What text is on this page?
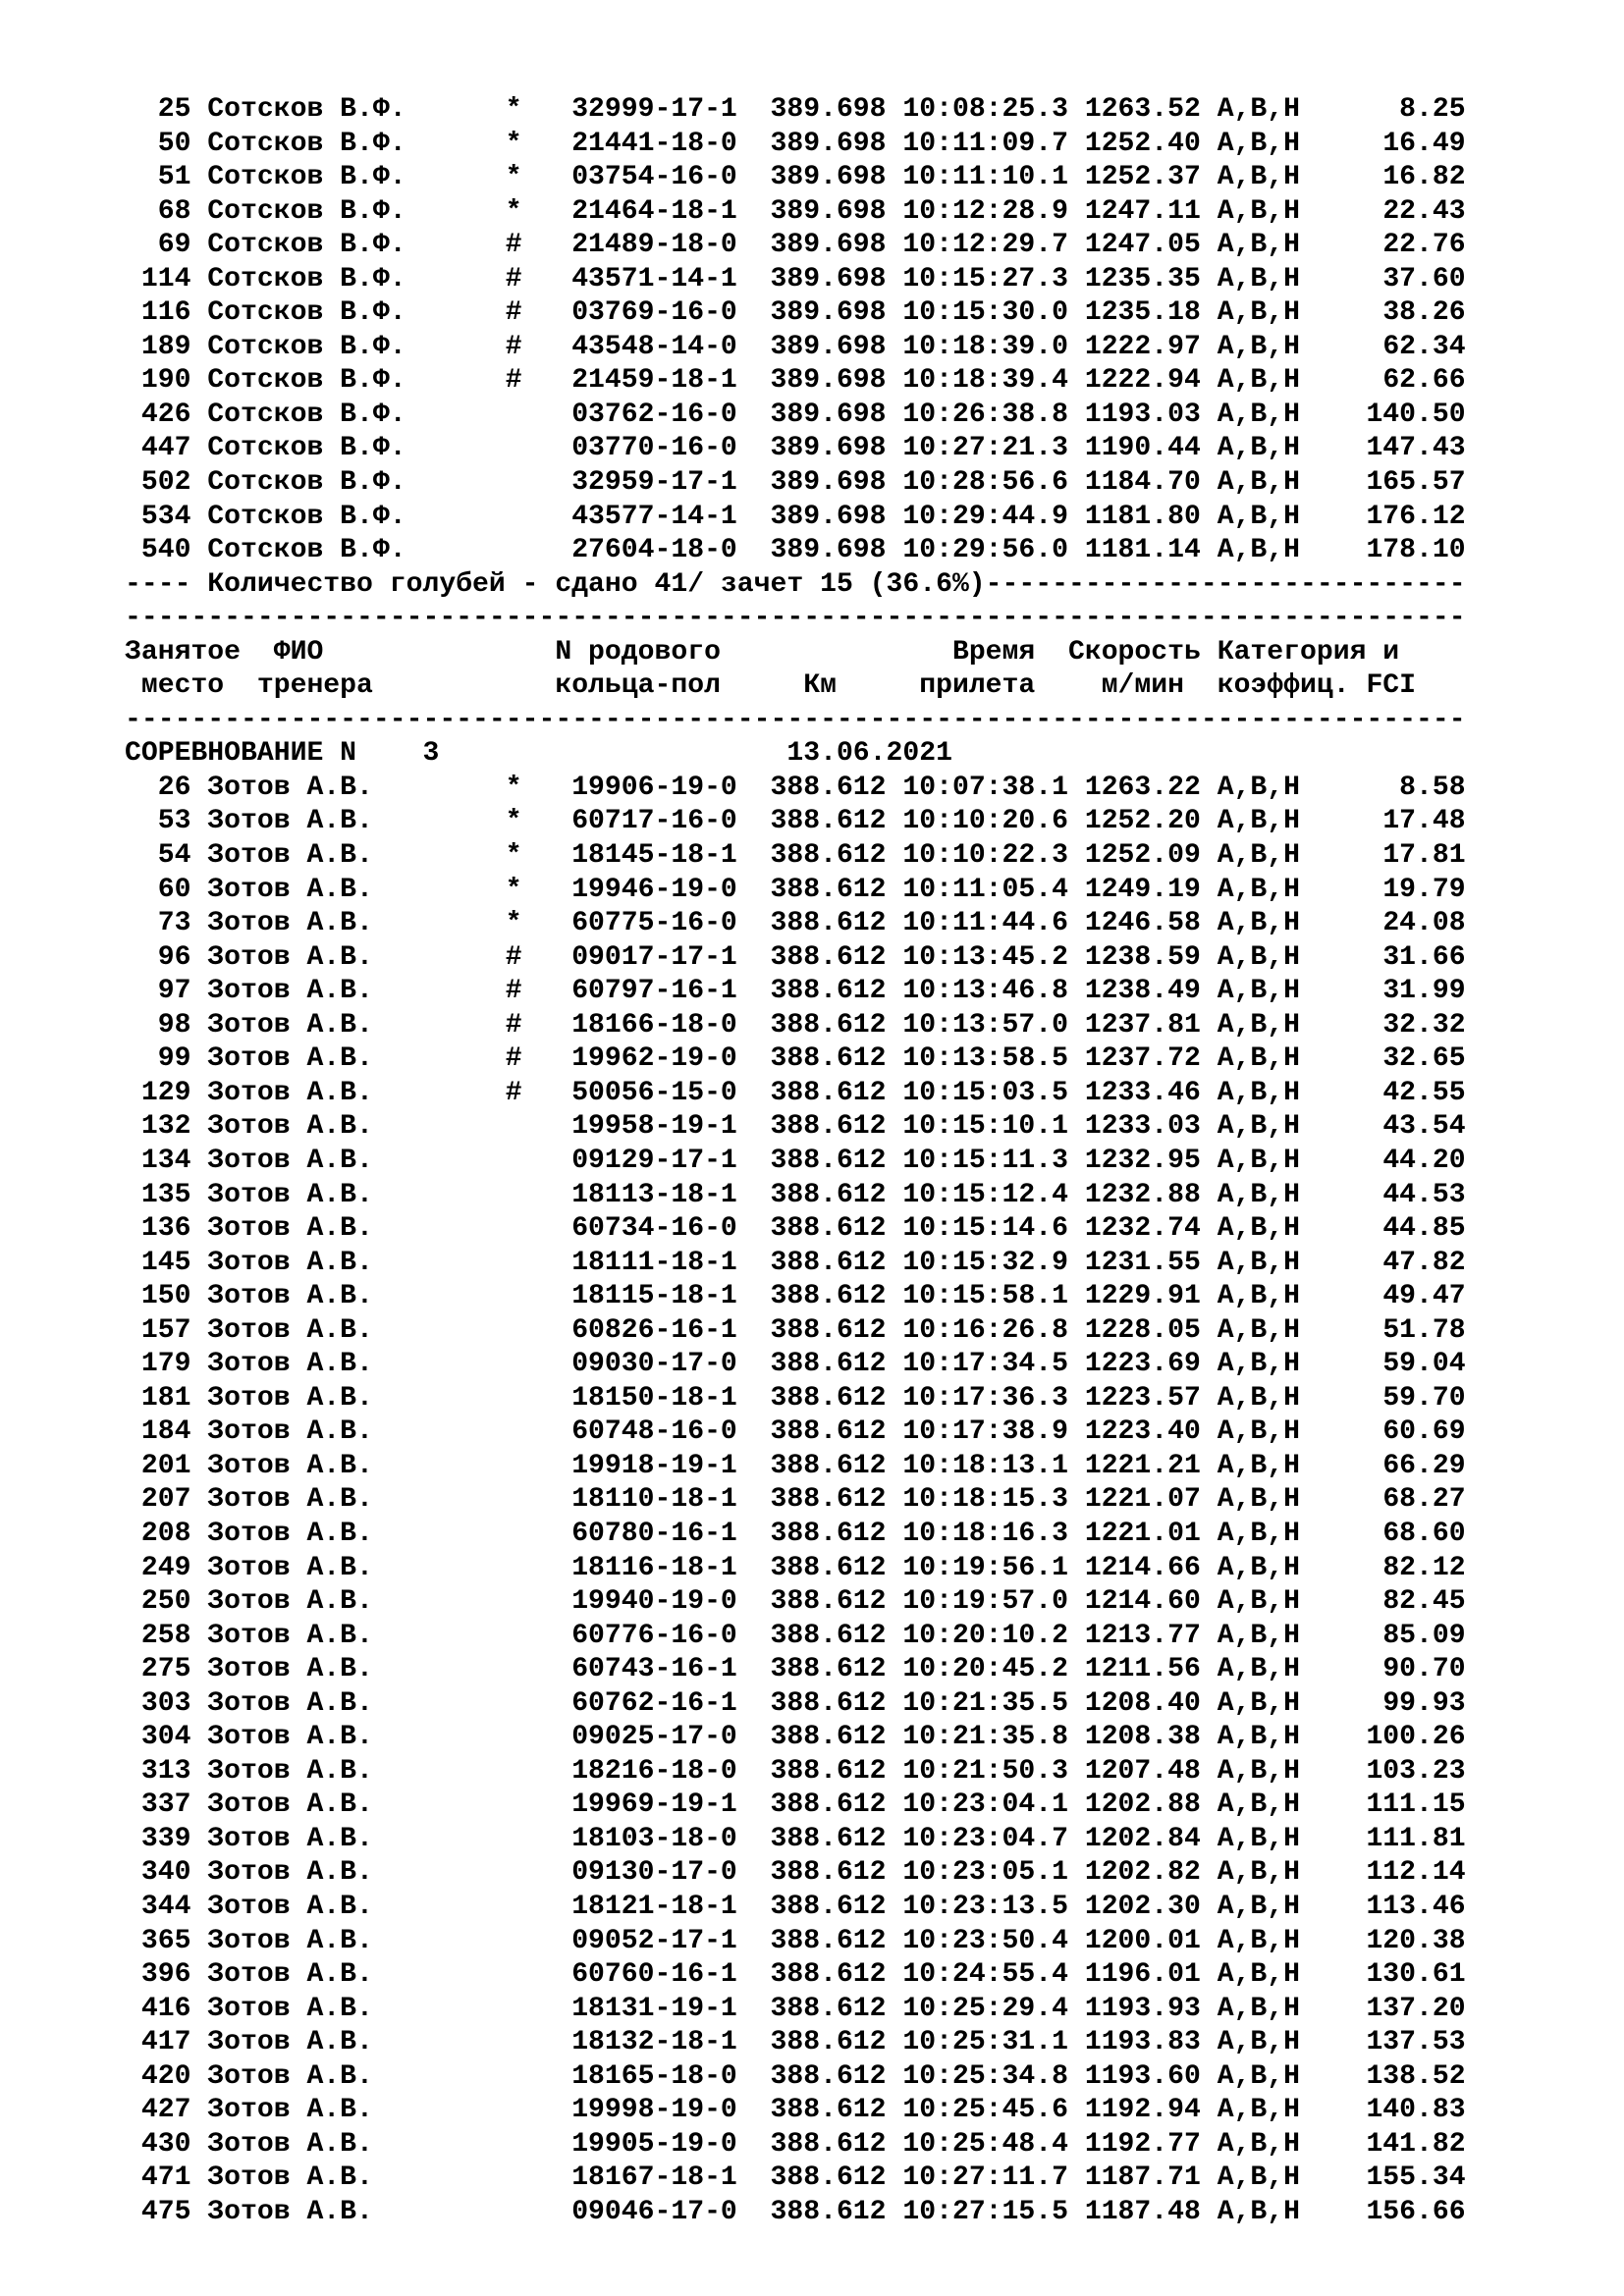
25 Сотсков В.Ф.	* 32999-17-1 389.698 10:08:25.3 1263.52 А,В,Н	8.25
50 Сотсков В.Ф.	* 21441-18-0 389.698 10:11:09.7 1252.40 А,В,Н	16.49
51 Сотсков В.Ф.	* 03754-16-0 389.698 10:11:10.1 1252.37 А,В,Н	16.82
68 Сотсков В.Ф.	* 21464-18-1 389.698 10:12:28.9 1247.11 А,В,Н	22.43
69 Сотсков В.Ф.	# 21489-18-0 389.698 10:12:29.7 1247.05 А,В,Н	22.76
114 Сотсков В.Ф.	# 43571-14-1 389.698 10:15:27.3 1235.35 А,В,Н	37.60
116 Сотсков В.Ф.	# 03769-16-0 389.698 10:15:30.0 1235.18 А,В,Н	38.26
189 Сотсков В.Ф.	# 43548-14-0 389.698 10:18:39.0 1222.97 А,В,Н	62.34
190 Сотсков В.Ф.	# 21459-18-1 389.698 10:18:39.4 1222.94 А,В,Н	62.66
426 Сотсков В.Ф.	03762-16-0 389.698 10:26:38.8 1193.03 А,В,Н 140.50
447 Сотсков В.Ф.	03770-16-0 389.698 10:27:21.3 1190.44 А,В,Н 147.43
502 Сотсков В.Ф.	32959-17-1 389.698 10:28:56.6 1184.70 А,В,Н 165.57
534 Сотсков В.Ф.	43577-14-1 389.698 10:29:44.9 1181.80 А,В,Н 176.12
540 Сотсков В.Ф.	27604-18-0 389.698 10:29:56.0 1181.14 А,В,Н 178.10
---- Количество голубей - сдано 41/ зачет 15 (36.6%)-----------------------------
---------------------------------------------------------------------------------
Занятое ФИО	N родового	Время Скорость Категория и
место тренера	кольца-пол	Км	прилета м/мин коэффиц. FCI
---------------------------------------------------------------------------------
СОРЕВНОВАНИЕ N 3	13.06.2021
26 Зотов А.В.	* 19906-19-0 388.612 10:07:38.1 1263.22 А,В,Н	8.58
53 Зотов А.В.	* 60717-16-0 388.612 10:10:20.6 1252.20 А,В,Н	17.48
54 Зотов А.В.	* 18145-18-1 388.612 10:10:22.3 1252.09 А,В,Н	17.81
60 Зотов А.В.	* 19946-19-0 388.612 10:11:05.4 1249.19 А,В,Н	19.79
73 Зотов А.В.	* 60775-16-0 388.612 10:11:44.6 1246.58 А,В,Н	24.08
96 Зотов А.В.	# 09017-17-1 388.612 10:13:45.2 1238.59 А,В,Н	31.66
97 Зотов А.В.	# 60797-16-1 388.612 10:13:46.8 1238.49 А,В,Н	31.99
98 Зотов А.В.	# 18166-18-0 388.612 10:13:57.0 1237.81 А,В,Н	32.32
99 Зотов А.В.	# 19962-19-0 388.612 10:13:58.5 1237.72 А,В,Н	32.65
129 Зотов А.В.	# 50056-15-0 388.612 10:15:03.5 1233.46 А,В,Н	42.55
132 Зотов А.В.	19958-19-1 388.612 10:15:10.1 1233.03 А,В,Н	43.54
134 Зотов А.В.	09129-17-1 388.612 10:15:11.3 1232.95 А,В,Н	44.20
135 Зотов А.В.	18113-18-1 388.612 10:15:12.4 1232.88 А,В,Н	44.53
136 Зотов А.В.	60734-16-0 388.612 10:15:14.6 1232.74 А,В,Н	44.85
145 Зотов А.В.	18111-18-1 388.612 10:15:32.9 1231.55 А,В,Н	47.82
150 Зотов А.В.	18115-18-1 388.612 10:15:58.1 1229.91 А,В,Н	49.47
157 Зотов А.В.	60826-16-1 388.612 10:16:26.8 1228.05 А,В,Н	51.78
179 Зотов А.В.	09030-17-0 388.612 10:17:34.5 1223.69 А,В,Н	59.04
181 Зотов А.В.	18150-18-1 388.612 10:17:36.3 1223.57 А,В,Н	59.70
184 Зотов А.В.	60748-16-0 388.612 10:17:38.9 1223.40 А,В,Н	60.69
201 Зотов А.В.	19918-19-1 388.612 10:18:13.1 1221.21 А,В,Н	66.29
207 Зотов А.В.	18110-18-1 388.612 10:18:15.3 1221.07 А,В,Н	68.27
208 Зотов А.В.	60780-16-1 388.612 10:18:16.3 1221.01 А,В,Н	68.60
249 Зотов А.В.	18116-18-1 388.612 10:19:56.1 1214.66 А,В,Н	82.12
250 Зотов А.В.	19940-19-0 388.612 10:19:57.0 1214.60 А,В,Н	82.45
258 Зотов А.В.	60776-16-0 388.612 10:20:10.2 1213.77 А,В,Н	85.09
275 Зотов А.В.	60743-16-1 388.612 10:20:45.2 1211.56 А,В,Н	90.70
303 Зотов А.В.	60762-16-1 388.612 10:21:35.5 1208.40 А,В,Н	99.93
304 Зотов А.В.	09025-17-0 388.612 10:21:35.8 1208.38 А,В,Н 100.26
313 Зотов А.В.	18216-18-0 388.612 10:21:50.3 1207.48 А,В,Н 103.23
337 Зотов А.В.	19969-19-1 388.612 10:23:04.1 1202.88 А,В,Н 111.15
339 Зотов А.В.	18103-18-0 388.612 10:23:04.7 1202.84 А,В,Н 111.81
340 Зотов А.В.	09130-17-0 388.612 10:23:05.1 1202.82 А,В,Н 112.14
344 Зотов А.В.	18121-18-1 388.612 10:23:13.5 1202.30 А,В,Н 113.46
365 Зотов А.В.	09052-17-1 388.612 10:23:50.4 1200.01 А,В,Н 120.38
396 Зотов А.В.	60760-16-1 388.612 10:24:55.4 1196.01 А,В,Н 130.61
416 Зотов А.В.	18131-19-1 388.612 10:25:29.4 1193.93 А,В,Н 137.20
417 Зотов А.В.	18132-18-1 388.612 10:25:31.1 1193.83 А,В,Н 137.53
420 Зотов А.В.	18165-18-0 388.612 10:25:34.8 1193.60 А,В,Н 138.52
427 Зотов А.В.	19998-19-0 388.612 10:25:45.6 1192.94 А,В,Н 140.83
430 Зотов А.В.	19905-19-0 388.612 10:25:48.4 1192.77 А,В,Н 141.82
471 Зотов А.В.	18167-18-1 388.612 10:27:11.7 1187.71 А,В,Н 155.34
475 Зотов А.В.	09046-17-0 388.612 10:27:15.5 1187.48 А,В,Н 156.66
